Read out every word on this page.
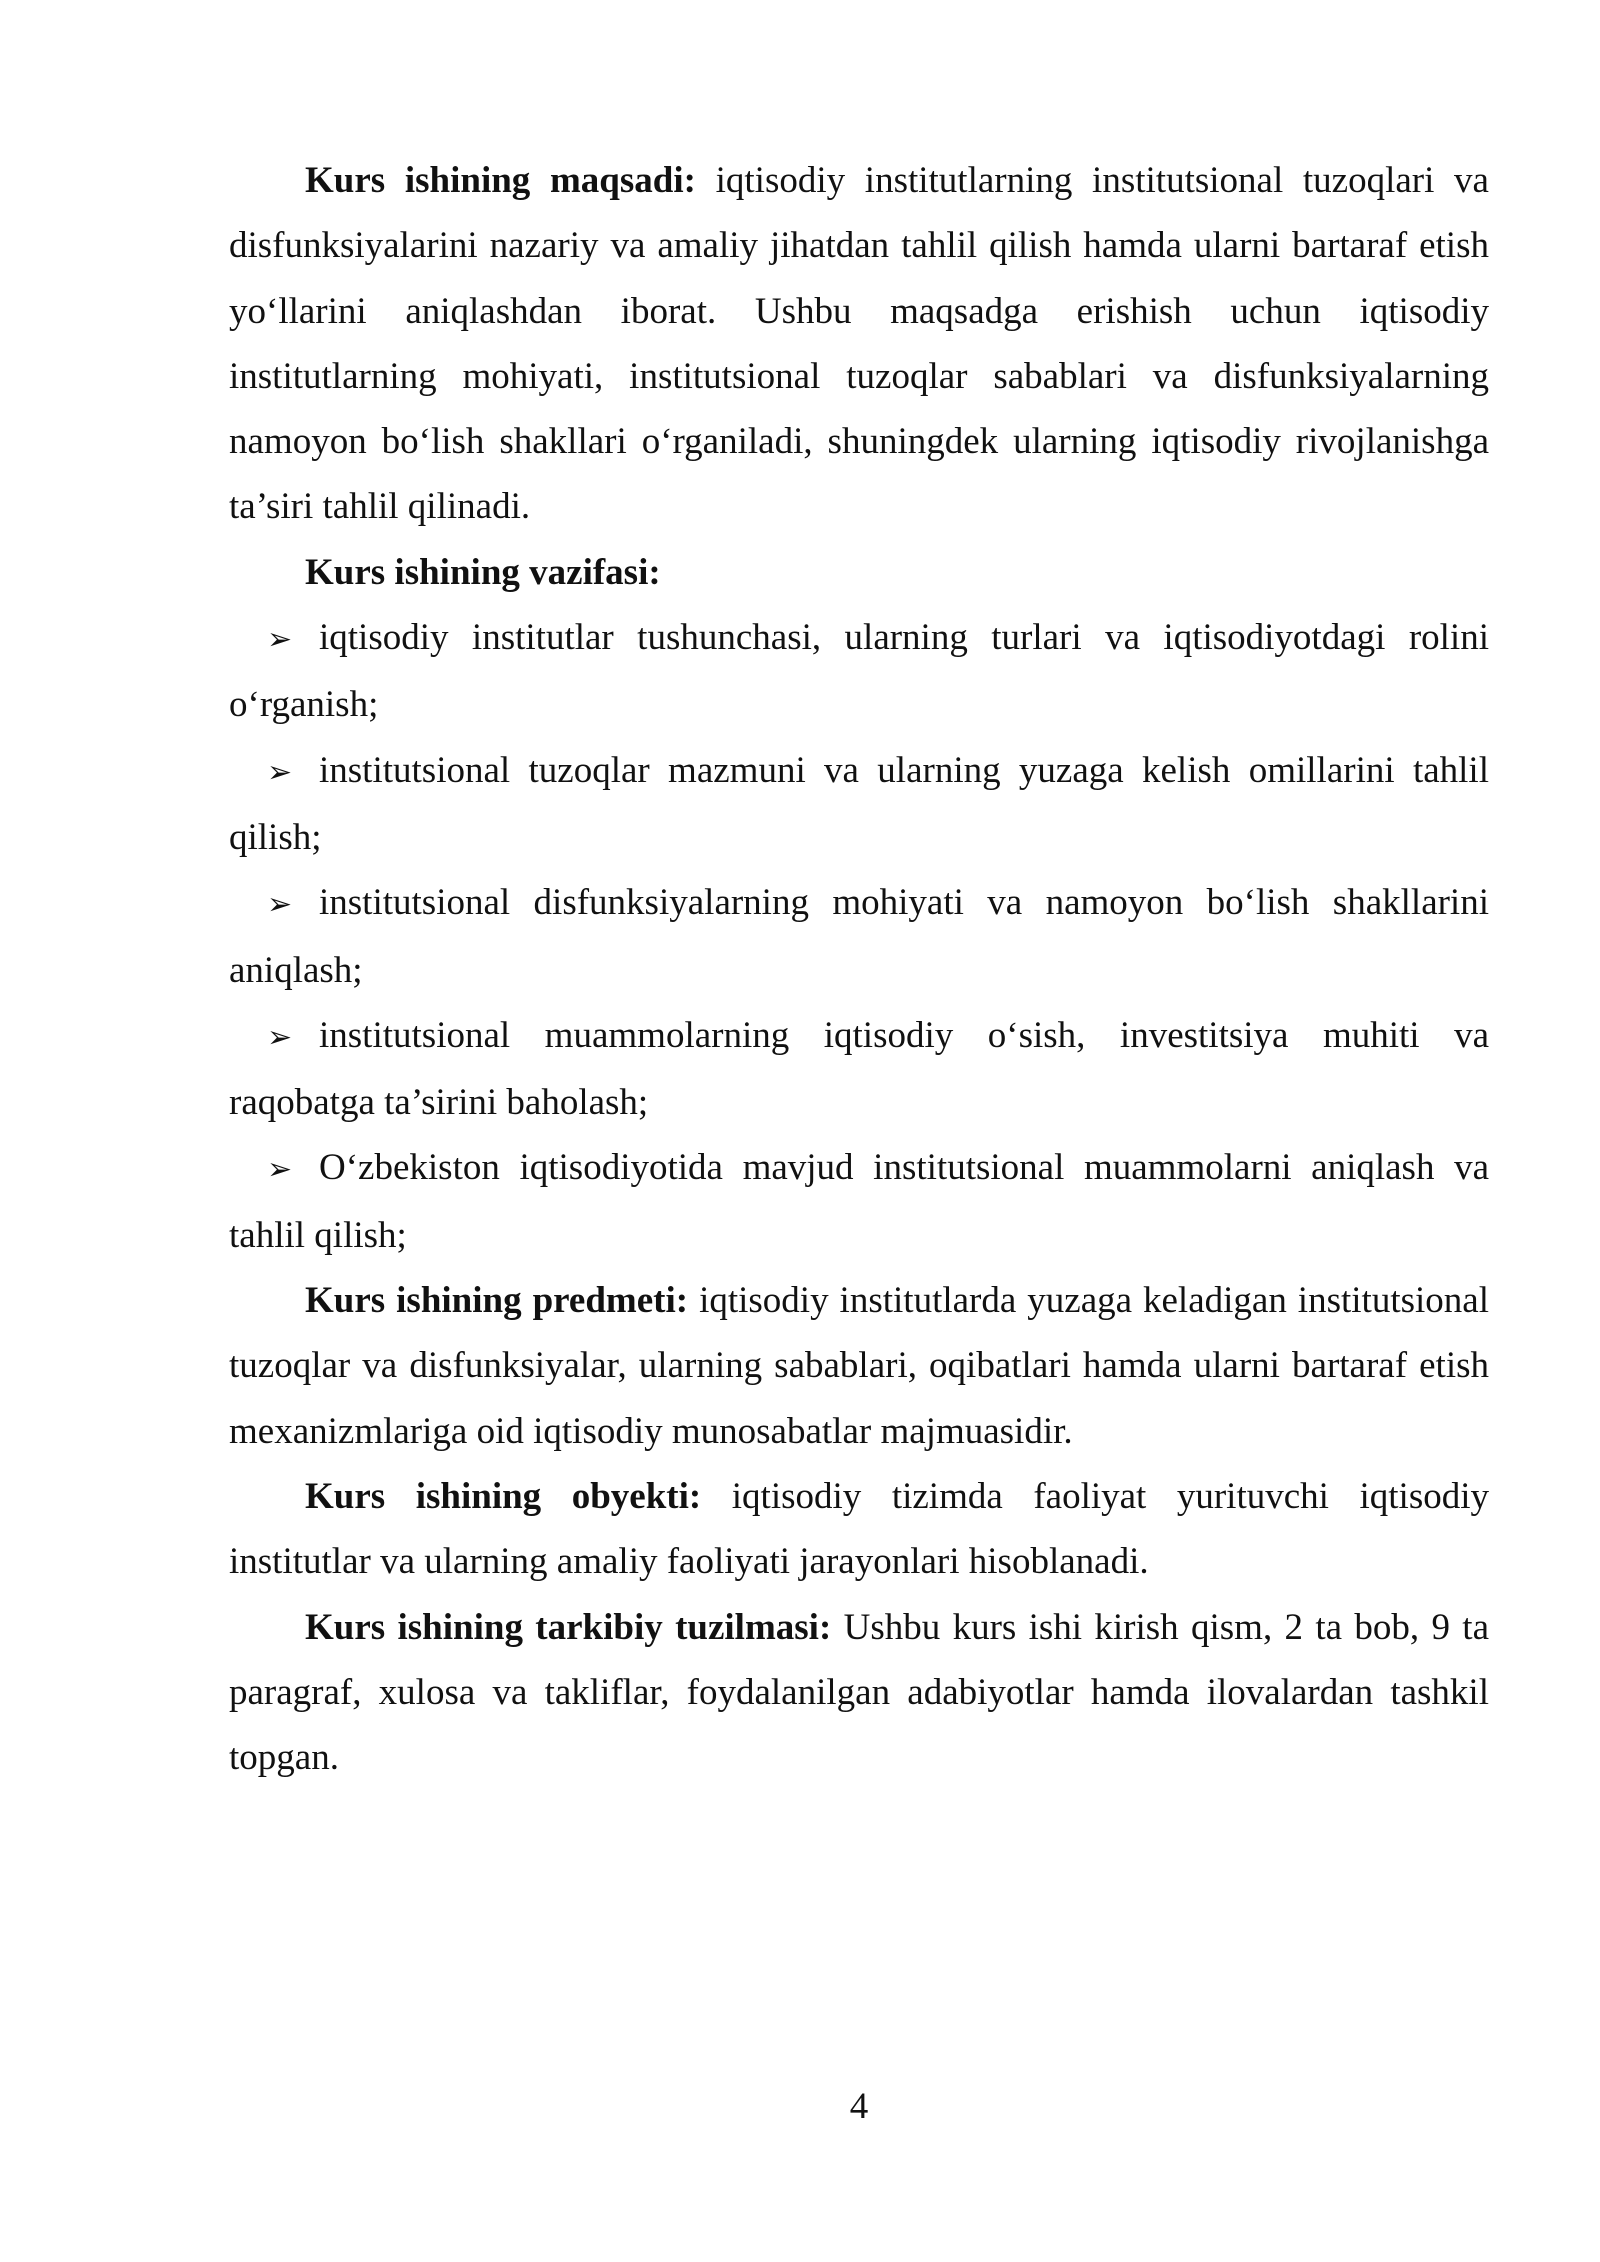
Kurs ishining maqsadi: iqtisodiy institutlarning institutsional tuzoqlari va disfunksiyalarini nazariy va amaliy jihatdan tahlil qilish hamda ularni bartaraf etish yo‘llarini aniqlashdan iborat. Ushbu maqsadga erishish uchun iqtisodiy institutlarning mohiyati, institutsional tuzoqlar sabablari va disfunksiyalarning namoyon bo‘lish shakllari o‘rganiladi, shuningdek ularning iqtisodiy rivojlanishga ta’siri tahlil qilinadi.

Kurs ishining vazifasi:

➢ iqtisodiy institutlar tushunchasi, ularning turlari va iqtisodiyotdagi rolini o‘rganish;

➢ institutsional tuzoqlar mazmuni va ularning yuzaga kelish omillarini tahlil qilish;

➢ institutsional disfunksiyalarning mohiyati va namoyon bo‘lish shakllarini aniqlash;

➢ institutsional muammolarning iqtisodiy o‘sish, investitsiya muhiti va raqobatga ta’sirini baholash;

➢ O‘zbekiston iqtisodiyotida mavjud institutsional muammolarni aniqlash va tahlil qilish;

Kurs ishining predmeti: iqtisodiy institutlarda yuzaga keladigan institutsional tuzoqlar va disfunksiyalar, ularning sabablari, oqibatlari hamda ularni bartaraf etish mexanizmlariga oid iqtisodiy munosabatlar majmuasidir.

Kurs ishining obyekti: iqtisodiy tizimda faoliyat yurituvchi iqtisodiy institutlar va ularning amaliy faoliyati jarayonlari hisoblanadi.

Kurs ishining tarkibiy tuzilmasi: Ushbu kurs ishi kirish qism, 2 ta bob, 9 ta paragraf, xulosa va takliflar, foydalanilgan adabiyotlar hamda ilovalardan tashkil topgan.

4
